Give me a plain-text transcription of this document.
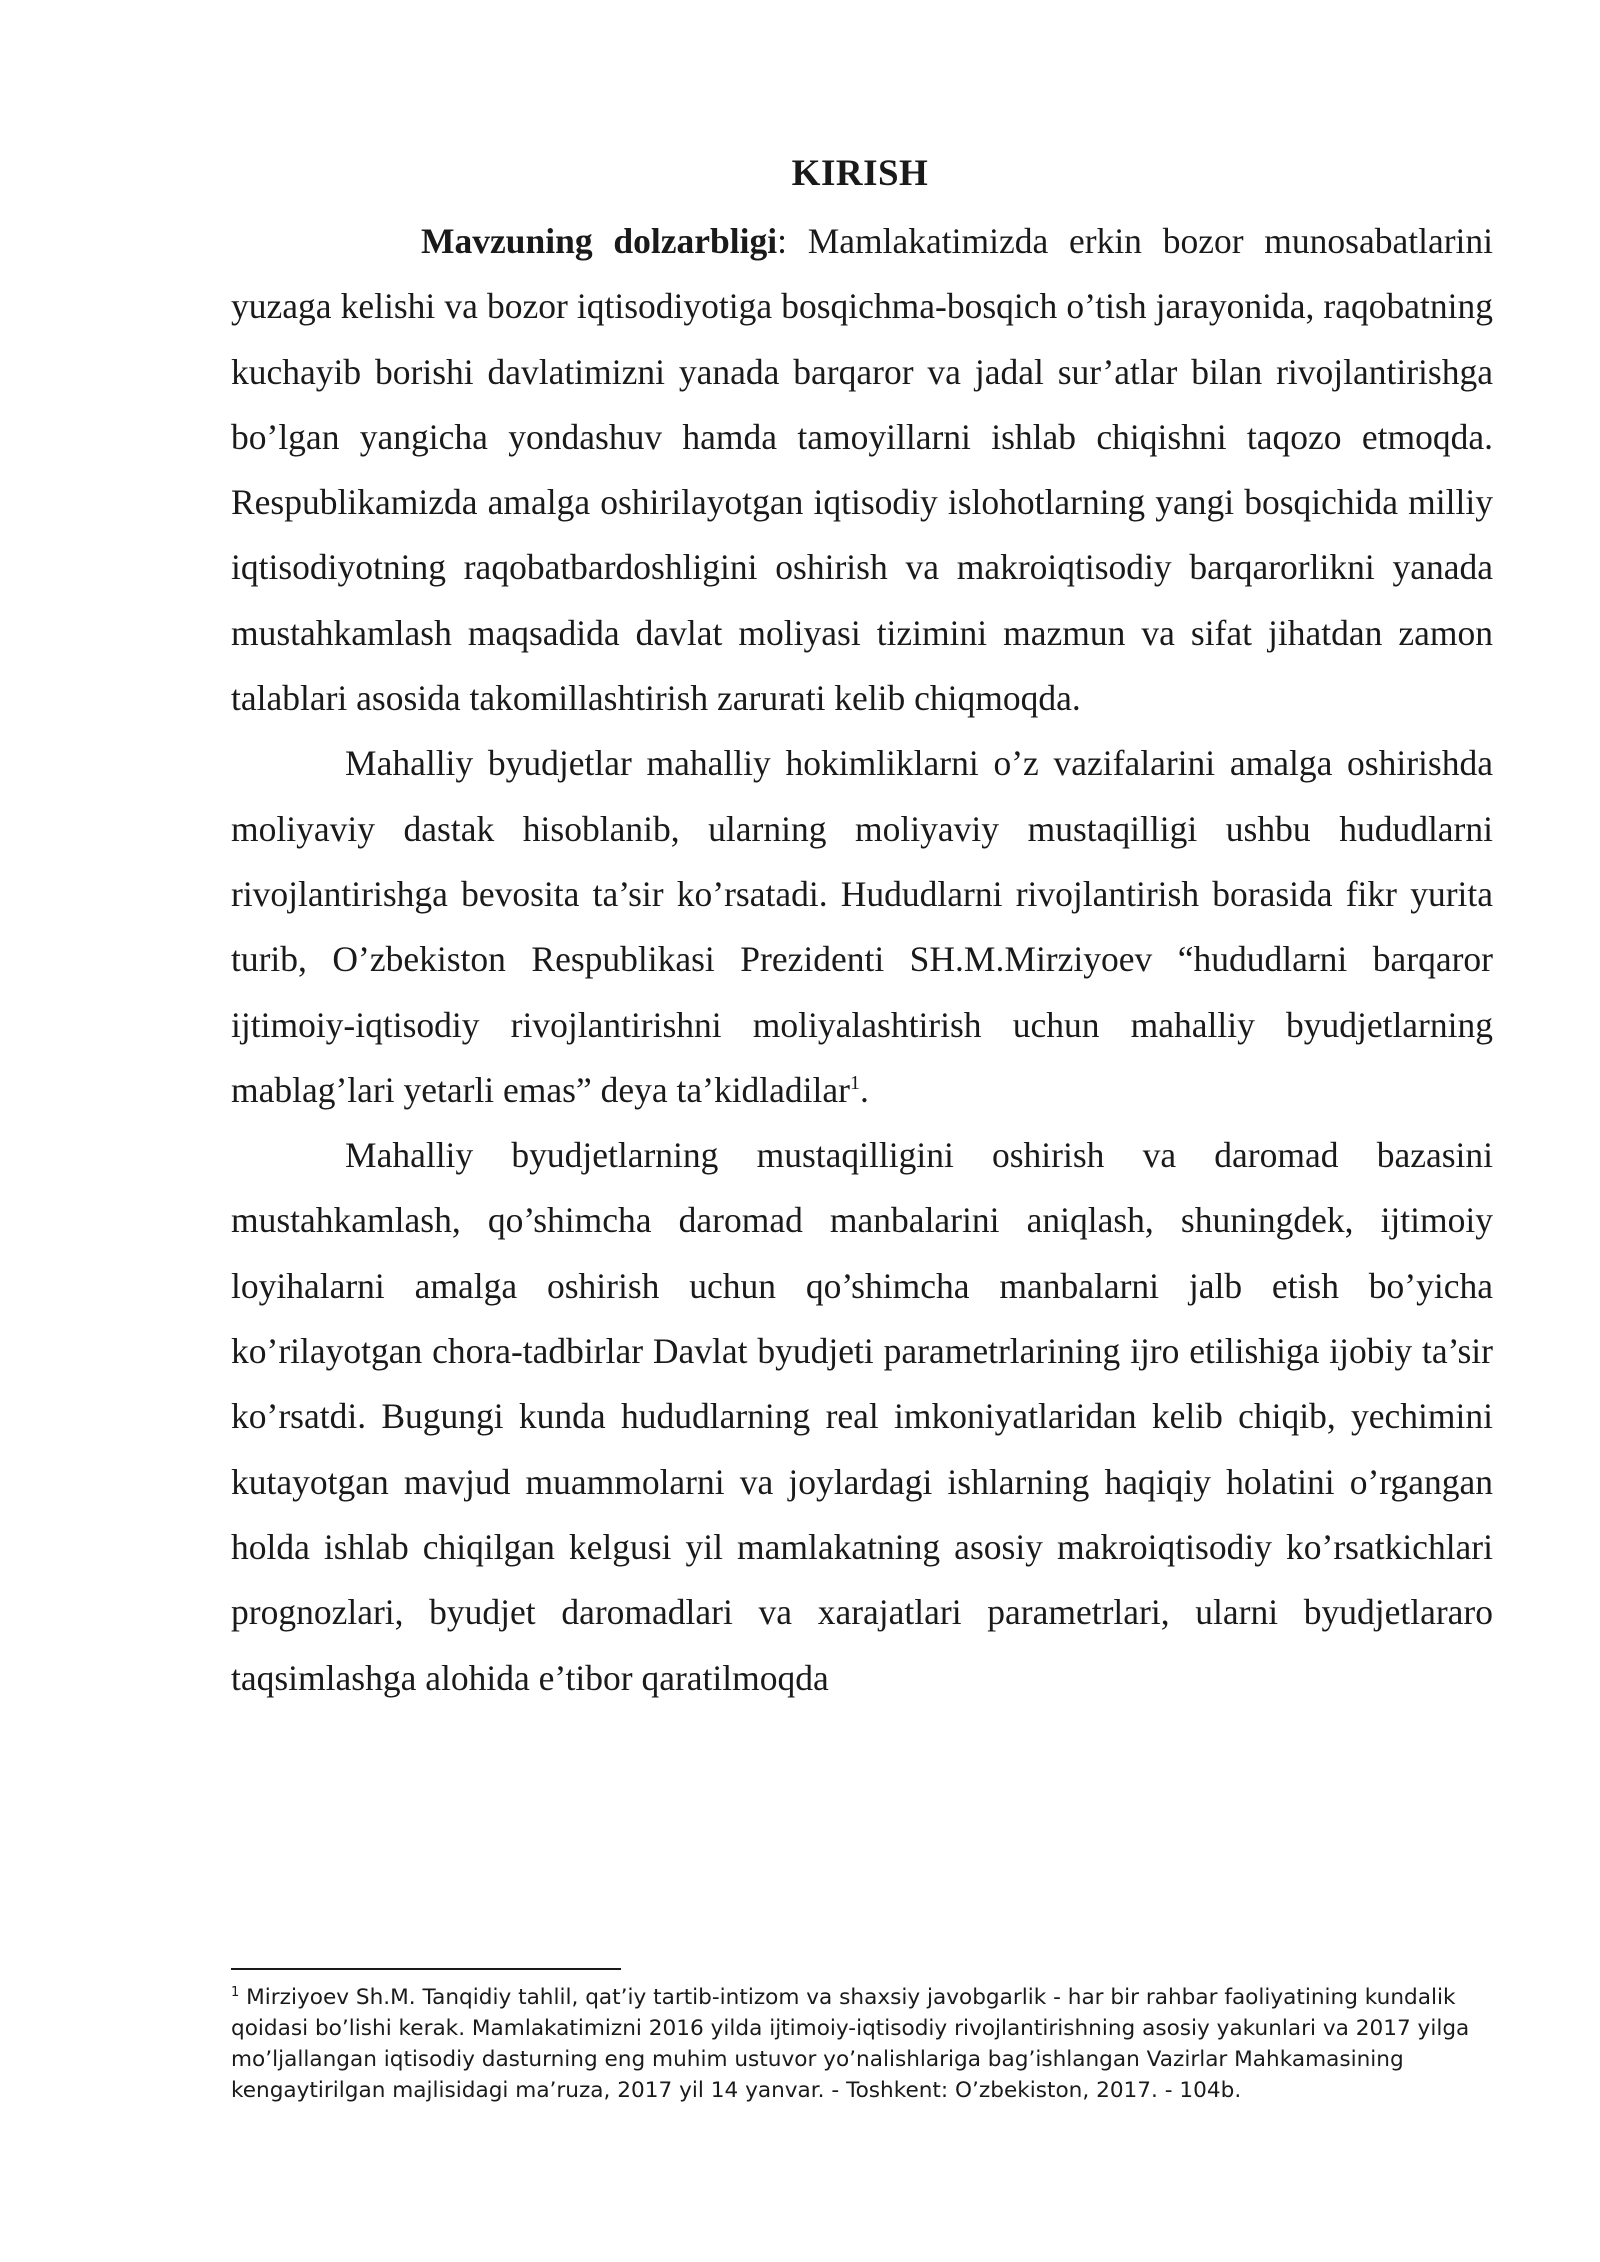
KIRISH

Mavzuning dolzarbligi: Mamlakatimizda erkin bozor munosabatlarini yuzaga kelishi va bozor iqtisodiyotiga bosqichma-bosqich o’tish jarayonida, raqobatning kuchayib borishi davlatimizni yanada barqaror va jadal sur’atlar bilan rivojlantirishga bo’lgan yangicha yondashuv hamda tamoyillarni ishlab chiqishni taqozo etmoqda. Respublikamizda amalga oshirilayotgan iqtisodiy islohotlarning yangi bosqichida milliy iqtisodiyotning raqobatbardoshligini oshirish va makroiqtisodiy barqarorlikni yanada mustahkamlash maqsadida davlat moliyasi tizimini mazmun va sifat jihatdan zamon talablari asosida takomillashtirish zarurati kelib chiqmoqda.

Mahalliy byudjetlar mahalliy hokimliklarni o’z vazifalarini amalga oshirishda moliyaviy dastak hisoblanib, ularning moliyaviy mustaqilligi ushbu hududlarni rivojlantirishga bevosita ta’sir ko’rsatadi. Hududlarni rivojlantirish borasida fikr yurita turib, O’zbekiston Respublikasi Prezidenti SH.M.Mirziyoev “hududlarni barqaror ijtimoiy-iqtisodiy rivojlantirishni moliyalashtirish uchun mahalliy byudjetlarning mablag’lari yetarli emas” deya ta’kidladilar$^1$.

Mahalliy byudjetlarning mustaqilligini oshirish va daromad bazasini mustahkamlash, qo’shimcha daromad manbalarini aniqlash, shuningdek, ijtimoiy loyihalarni amalga oshirish uchun qo’shimcha manbalarni jalb etish bo’yicha ko’rilayotgan chora-tadbirlar Davlat byudjeti parametrlarining ijro etilishiga ijobiy ta’sir ko’rsatdi. Bugungi kunda hududlarning real imkoniyatlaridan kelib chiqib, yechimini kutayotgan mavjud muammolarni va joylardagi ishlarning haqiqiy holatini o’rgangan holda ishlab chiqilgan kelgusi yil mamlakatning asosiy makroiqtisodiy ko’rsatkichlari prognozlari, byudjet daromadlari va xarajatlari parametrlari, ularni byudjetlararo taqsimlashga alohida e’tibor qaratilmoqda

$^1$ Mirziyoev Sh.M. Tanqidiy tahlil, qat’iy tartib-intizom va shaxsiy javobgarlik - har bir rahbar faoliyatining kundalik qoidasi bo’lishi kerak. Mamlakatimizni 2016 yilda ijtimoiy-iqtisodiy rivojlantirishning asosiy yakunlari va 2017 yilga mo’ljallangan iqtisodiy dasturning eng muhim ustuvor yo’nalishlariga bag’ishlangan Vazirlar Mahkamasining kengaytirilgan majlisidagi ma’ruza, 2017 yil 14 yanvar. - Toshkent: O’zbekiston, 2017. - 104b.
